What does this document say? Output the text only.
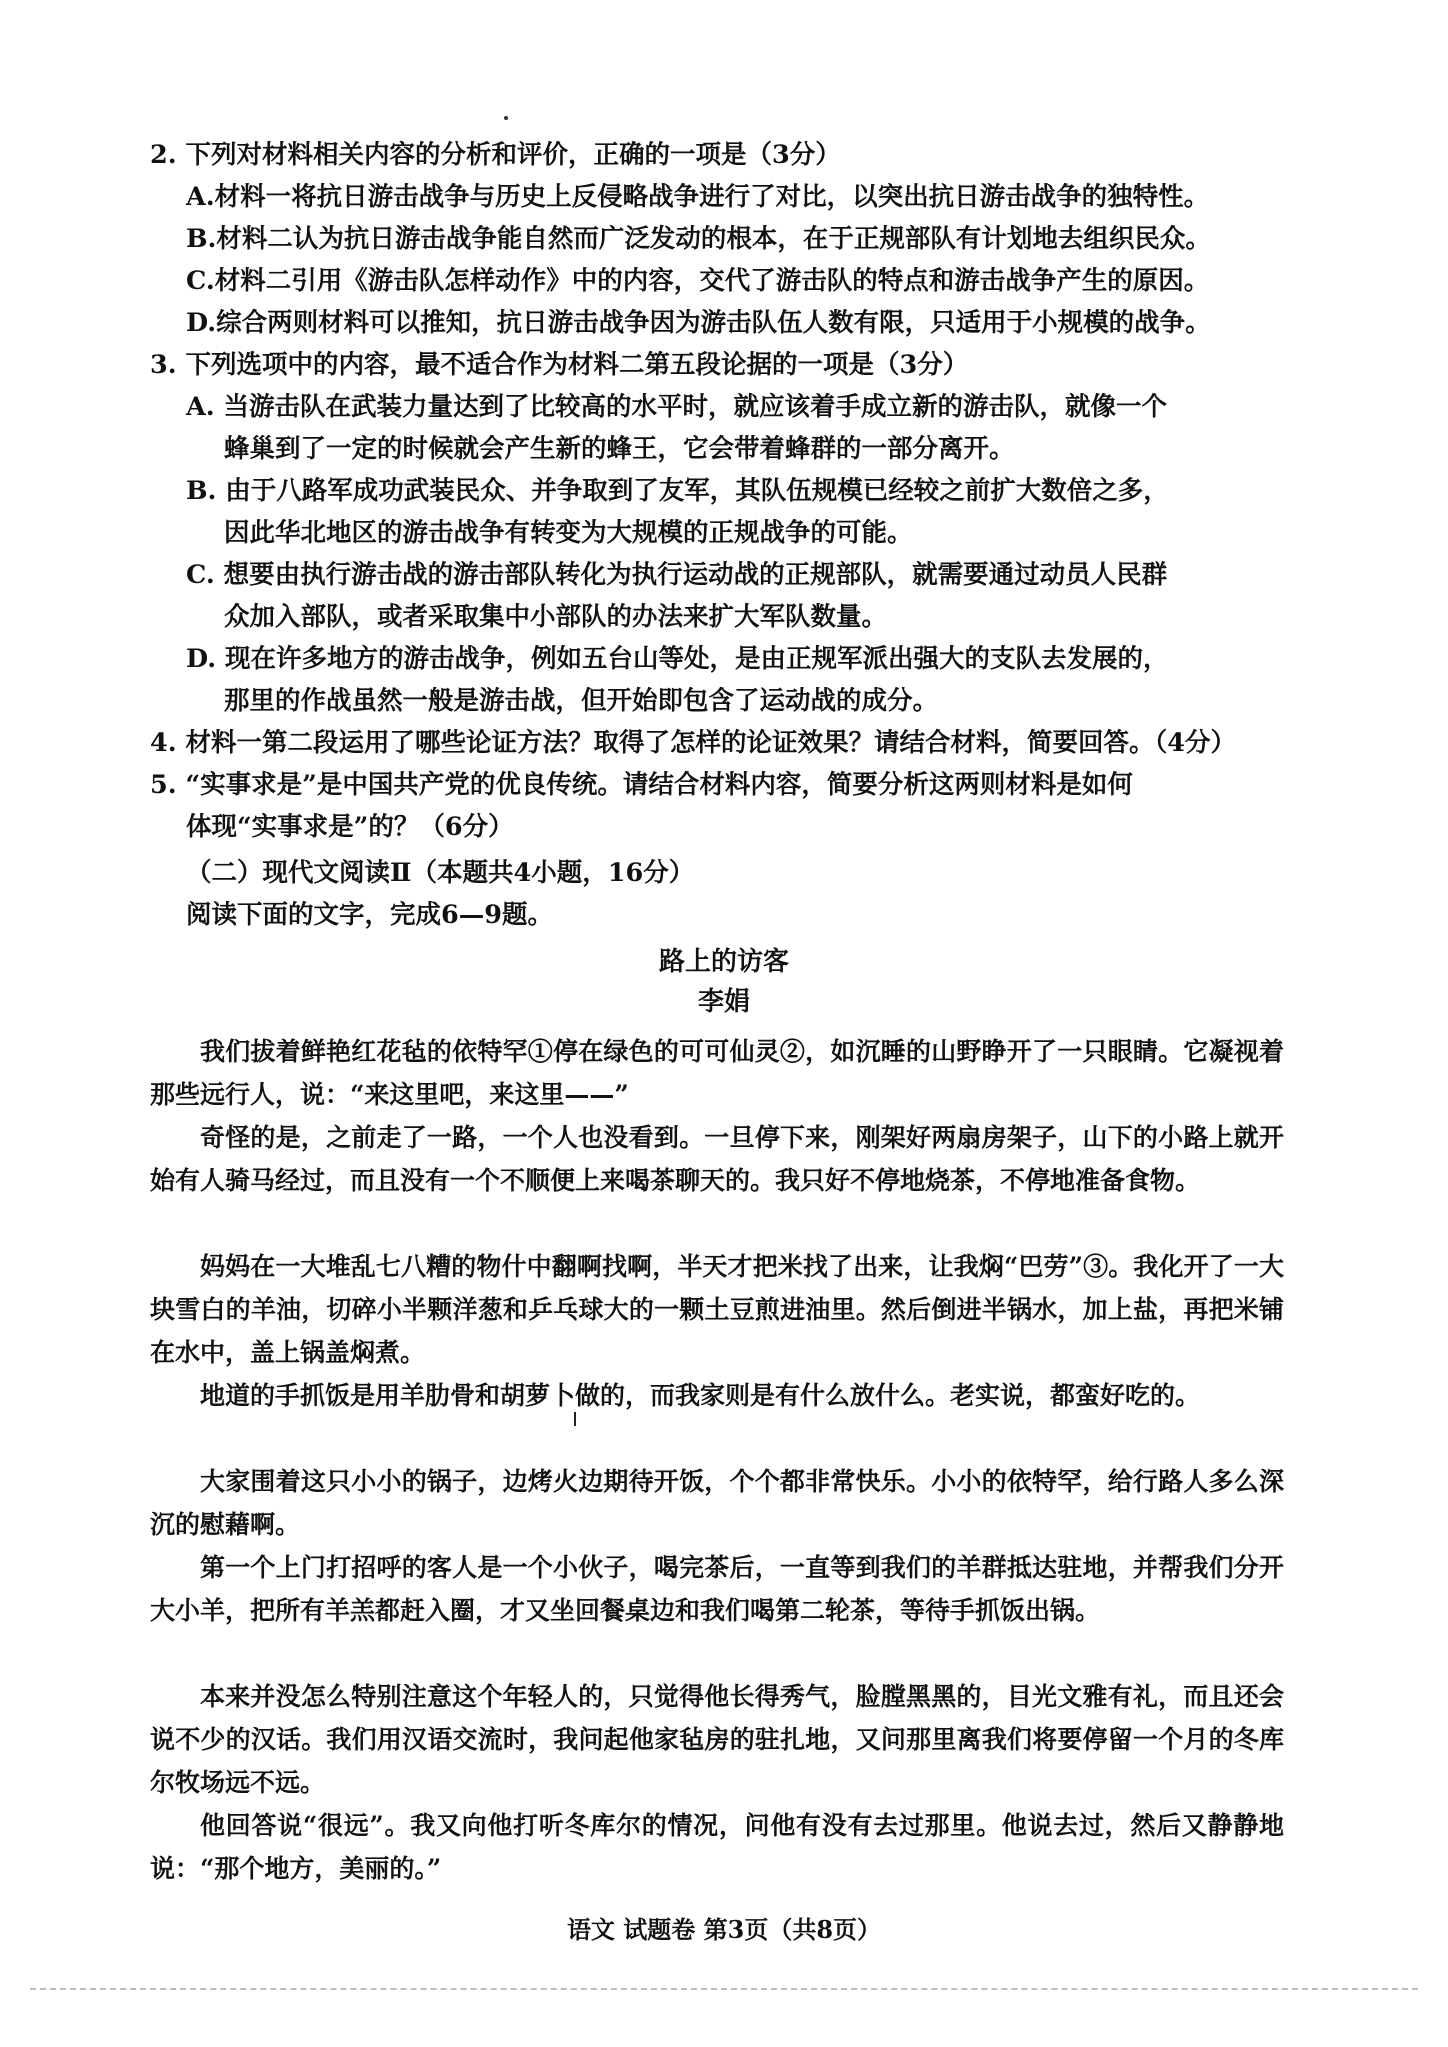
2. 下列对材料相关内容的分析和评价，正确的一项是（3分）
A.材料一将抗日游击战争与历史上反侵略战争进行了对比，以突出抗日游击战争的独特性。
B.材料二认为抗日游击战争能自然而广泛发动的根本，在于正规部队有计划地去组织民众。
C.材料二引用《游击队怎样动作》中的内容，交代了游击队的特点和游击战争产生的原因。
D.综合两则材料可以推知，抗日游击战争因为游击队伍人数有限，只适用于小规模的战争。
3. 下列选项中的内容，最不适合作为材料二第五段论据的一项是（3分）
A. 当游击队在武装力量达到了比较高的水平时，就应该着手成立新的游击队，就像一个
蜂巢到了一定的时候就会产生新的蜂王，它会带着蜂群的一部分离开。
B. 由于八路军成功武装民众、并争取到了友军，其队伍规模已经较之前扩大数倍之多，
因此华北地区的游击战争有转变为大规模的正规战争的可能。
C. 想要由执行游击战的游击部队转化为执行运动战的正规部队，就需要通过动员人民群
众加入部队，或者采取集中小部队的办法来扩大军队数量。
D. 现在许多地方的游击战争，例如五台山等处，是由正规军派出强大的支队去发展的，
那里的作战虽然一般是游击战，但开始即包含了运动战的成分。
4. 材料一第二段运用了哪些论证方法？取得了怎样的论证效果？请结合材料，简要回答。（4分）
5. “实事求是”是中国共产党的优良传统。请结合材料内容，简要分析这两则材料是如何
体现“实事求是”的？（6分）
（二）现代文阅读Ⅱ（本题共4小题，16分）
阅读下面的文字，完成6—9题。
路上的访客
李娟
我们拔着鲜艳红花毡的依特罕①停在绿色的可可仙灵②，如沉睡的山野睁开了一只眼睛。它凝视着那些远行人，说：“来这里吧，来这里——”
奇怪的是，之前走了一路，一个人也没看到。一旦停下来，刚架好两扇房架子，山下的小路上就开始有人骑马经过，而且没有一个不顺便上来喝茶聊天的。我只好不停地烧茶，不停地准备食物。
妈妈在一大堆乱七八糟的物什中翻啊找啊，半天才把米找了出来，让我焖“巴劳”③。我化开了一大块雪白的羊油，切碎小半颗洋葱和乒乓球大的一颗土豆煎进油里。然后倒进半锅水，加上盐，再把米铺在水中，盖上锅盖焖煮。
地道的手抓饭是用羊肋骨和胡萝卜做的，而我家则是有什么放什么。老实说，都蛮好吃的。
大家围着这只小小的锅子，边烤火边期待开饭，个个都非常快乐。小小的依特罕，给行路人多么深沉的慰藉啊。
第一个上门打招呼的客人是一个小伙子，喝完茶后，一直等到我们的羊群抵达驻地，并帮我们分开大小羊，把所有羊羔都赶入圈，才又坐回餐桌边和我们喝第二轮茶，等待手抓饭出锅。
本来并没怎么特别注意这个年轻人的，只觉得他长得秀气，脸膛黑黑的，目光文雅有礼，而且还会说不少的汉话。我们用汉语交流时，我问起他家毡房的驻扎地，又问那里离我们将要停留一个月的冬库尔牧场远不远。
他回答说“很远”。我又向他打听冬库尔的情况，问他有没有去过那里。他说去过，然后又静静地说：“那个地方，美丽的。”
语文 试题卷 第3页（共8页）
